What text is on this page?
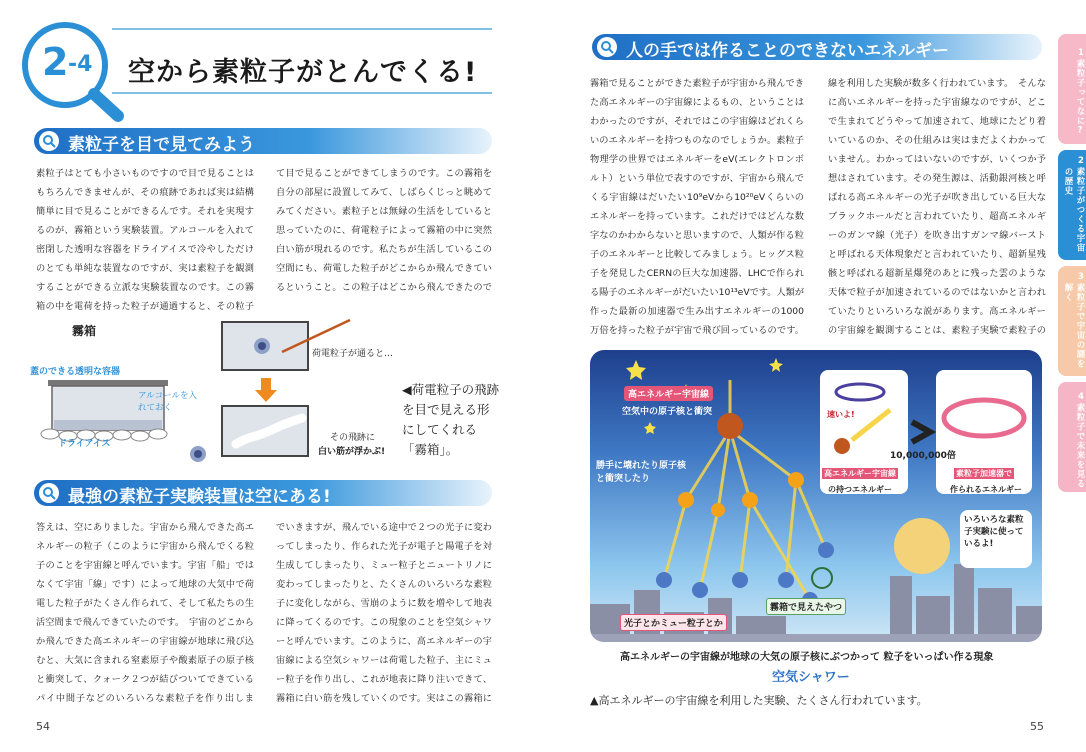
2 -4 空から素粒子がとんでくる!
素粒子を目で見てみよう
素粒子はとても小さいものですので目で見ることはもちろんできませんが、その痕跡であれば実は結構簡単に目で見ることができるんです。それを実現するのが、霧箱という実験装置。アルコールを入れて密閉した透明な容器をドライアイスで冷やしただけのとても単純な装置なのですが、実は素粒子を観測することができる立派な実験装置なのです。この霧箱の中を電荷を持った粒子が通過すると、その粒子
て目で見ることができてしまうのです。この霧箱を自分の部屋に設置してみて、しばらくじっと眺めてみてください。素粒子とは無縁の生活をしていると思っていたのに、荷電粒子によって霧箱の中に突然白い筋が現れるのです。私たちが生活しているこの空間にも、荷電した粒子がどこからか飛んできているということ。この粒子はどこから飛んできたので
霧箱
蓋のできる透明な容器
アルコールを入れておく
ドライアイス
荷電粒子が通ると…
その飛跡に
白い筋が浮かぶ!
◀荷電粒子の飛跡を目で見える形にしてくれる「霧箱」。
最強の素粒子実験装置は空にある!
答えは、空にありました。宇宙から飛んできた高エネルギーの粒子（このように宇宙から飛んでくる粒子のことを宇宙線と呼んでいます。宇宙「船」ではなくて宇宙「線」です）によって地球の大気中で荷電した粒子がたくさん作られて、そして私たちの生活空間まで飛んできていたのです。　宇宙のどこからか飛んできた高エネルギーの宇宙線が地球に飛び込むと、大気に含まれる窒素原子や酸素原子の原子核と衝突して、クォーク２つが結びついてできているパイ中間子などのいろいろな素粒子を作り出しま
でいきますが、飛んでいる途中で２つの光子に変わってしまったり、作られた光子が電子と陽電子を対生成してしまったり、ミュー粒子とニュートリノに変わってしまったりと、たくさんのいろいろな素粒子に変化しながら、雪崩のように数を増やして地表に降ってくるのです。この現象のことを空気シャワーと呼んでいます。このように、高エネルギーの宇宙線による空気シャワーは荷電した粒子、主にミュー粒子を作り出し、これが地表に降り注いできて、霧箱に白い筋を残していくのです。実はこの霧箱に
54
人の手では作ることのできないエネルギー
霧箱で見ることができた素粒子が宇宙から飛んできた高エネルギーの宇宙線によるもの、ということはわかったのですが、それではこの宇宙線はどれくらいのエネルギーを持つものなのでしょうか。素粒子物理学の世界ではエネルギーをeV(エレクトロンボルト）という単位で表すのですが、宇宙から飛んでくる宇宙線はだいたい10⁹eVから10²⁰eVくらいのエネルギーを持っています。これだけではどんな数字なのかわからないと思いますので、人類が作る粒子のエネルギーと比較してみましょう。ヒッグス粒子を発見したCERNの巨大な加速器、LHCで作られる陽子のエネルギーがだいたい10¹³eVです。人類が作った最新の加速器で生み出すエネルギーの1000万倍を持った粒子が宇宙で飛び回っているのです。
線を利用した実験が数多く行われています。　そんなに高いエネルギーを持った宇宙線なのですが、どこで生まれてどうやって加速されて、地球にたどり着いているのか、その仕組みは実はまだよくわかっていません。わかってはいないのですが、いくつか予想はされています。その発生源は、活動銀河核と呼ばれる高エネルギーの光子が吹き出している巨大なブラックホールだと言われていたり、超高エネルギーのガンマ線（光子）を吹き出すガンマ線バーストと呼ばれる天体現象だと言われていたり、超新星残骸と呼ばれる超新星爆発のあとに残った雲のような天体で粒子が加速されているのではないかと言われていたりといろいろな説があります。高エネルギーの宇宙線を観測することは、素粒子実験で素粒子の
高エネルギー宇宙線
空気中の原子核と衝突
勝手に壊れたり原子核と衝突したり
速いよ!
10,000,000倍
高エネルギー宇宙線
の持つエネルギー
素粒子加速器で
作られるエネルギー
いろいろな素粒子実験に使っているよ!
霧箱で見えたやつ
光子とかミュー粒子とか
高エネルギーの宇宙線が地球の大気の原子核にぶつかって 粒子をいっぱい作る現象
空気シャワー
▲高エネルギーの宇宙線を利用した実験、たくさん行われています。
55
1
素粒子ってなに?
2
素粒子がつくる宇宙の歴史
3
素粒子で宇宙の謎を解く
4
素粒子で未来を見る
